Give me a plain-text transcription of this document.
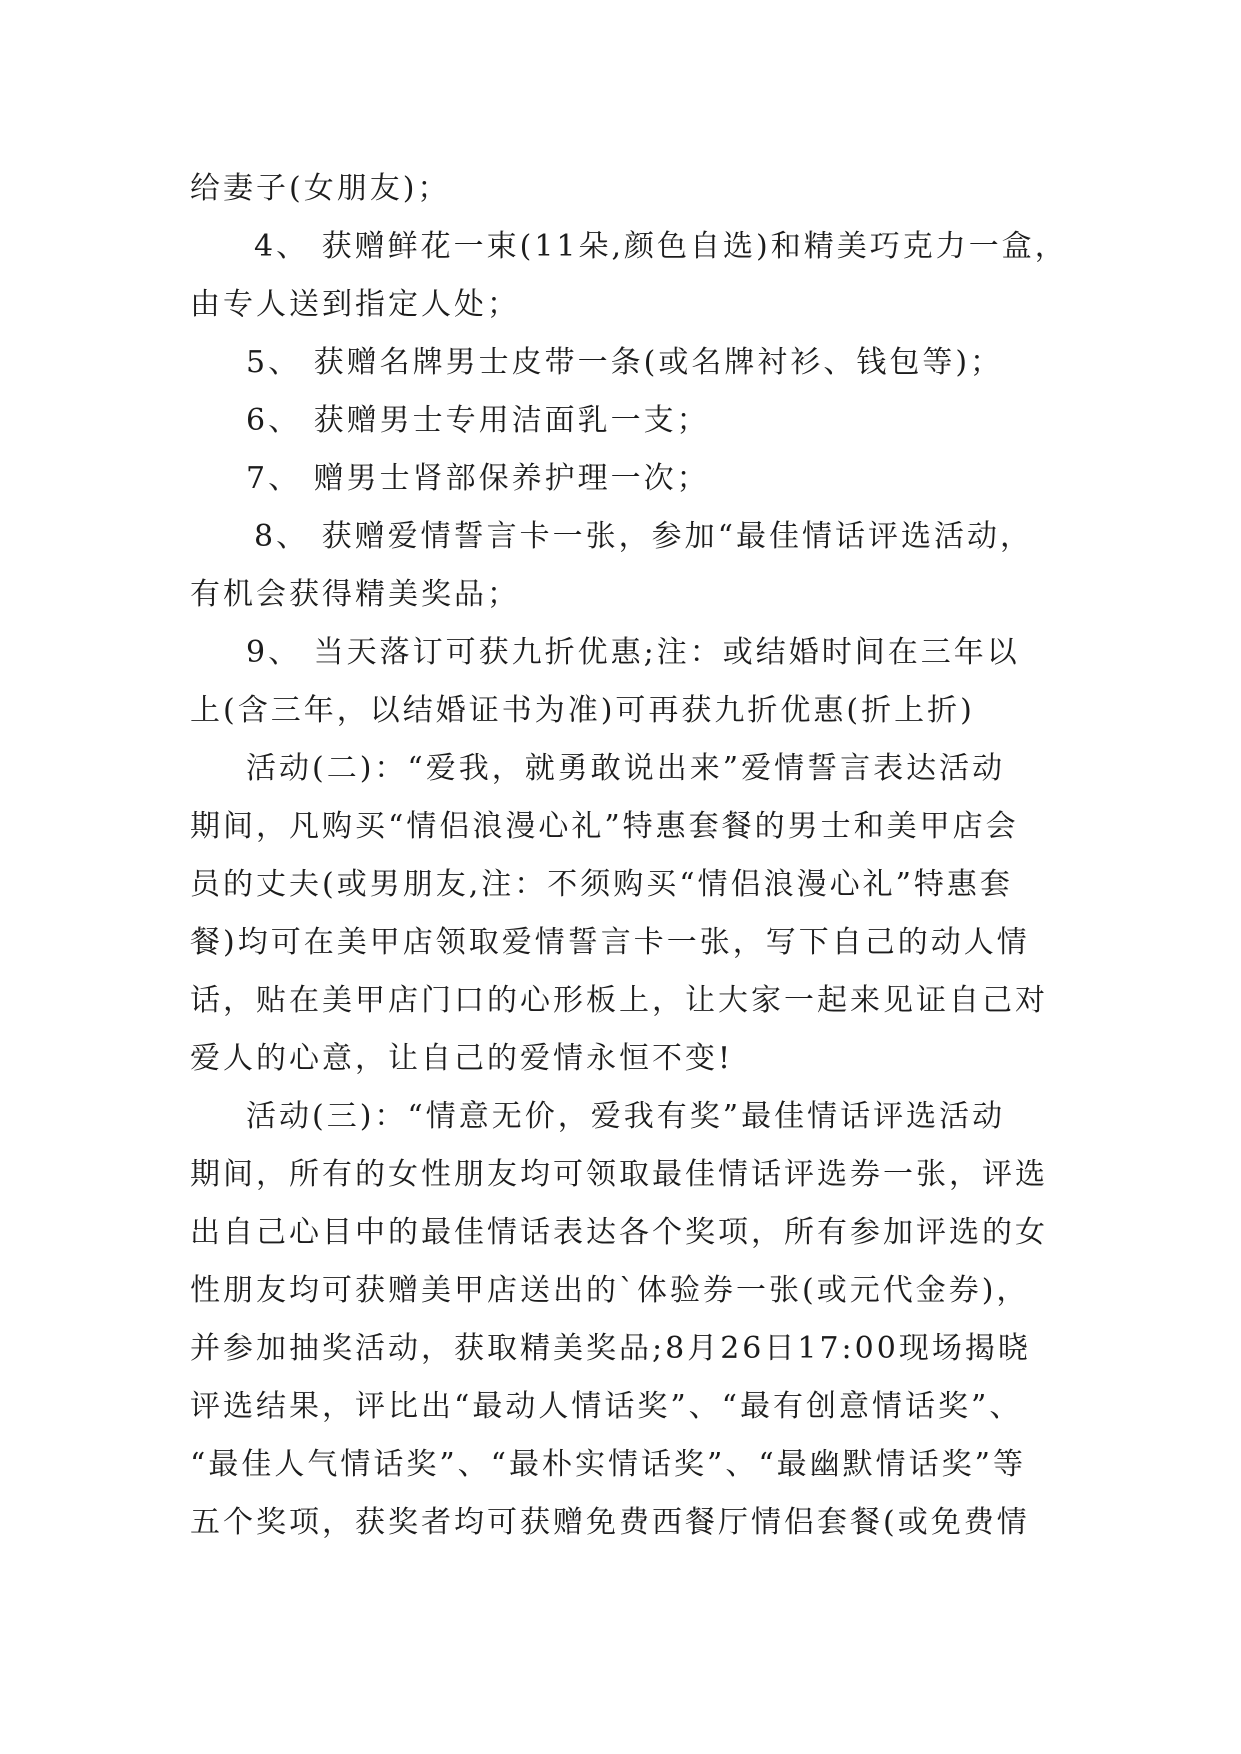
给妻子(女朋友)；
4、 获赠鲜花一束(11朵,颜色自选)和精美巧克力一盒，
由专人送到指定人处；
5、 获赠名牌男士皮带一条(或名牌衬衫、钱包等)；
6、 获赠男士专用洁面乳一支；
7、 赠男士肾部保养护理一次；
8、 获赠爱情誓言卡一张，参加“最佳情话评选活动，
有机会获得精美奖品；
9、 当天落订可获九折优惠;注：或结婚时间在三年以
上(含三年，以结婚证书为准)可再获九折优惠(折上折)
活动(二)：“爱我，就勇敢说出来”爱情誓言表达活动
期间，凡购买“情侣浪漫心礼”特惠套餐的男士和美甲店会
员的丈夫(或男朋友,注：不须购买“情侣浪漫心礼”特惠套
餐)均可在美甲店领取爱情誓言卡一张，写下自己的动人情
话，贴在美甲店门口的心形板上，让大家一起来见证自己对
爱人的心意，让自己的爱情永恒不变!
活动(三)：“情意无价，爱我有奖”最佳情话评选活动
期间，所有的女性朋友均可领取最佳情话评选券一张，评选
出自己心目中的最佳情话表达各个奖项，所有参加评选的女
性朋友均可获赠美甲店送出的`体验券一张(或元代金券)，
并参加抽奖活动，获取精美奖品;8月26日17:00现场揭晓
评选结果，评比出“最动人情话奖”、“最有创意情话奖”、
“最佳人气情话奖”、“最朴实情话奖”、“最幽默情话奖”等
五个奖项，获奖者均可获赠免费西餐厅情侣套餐(或免费情
